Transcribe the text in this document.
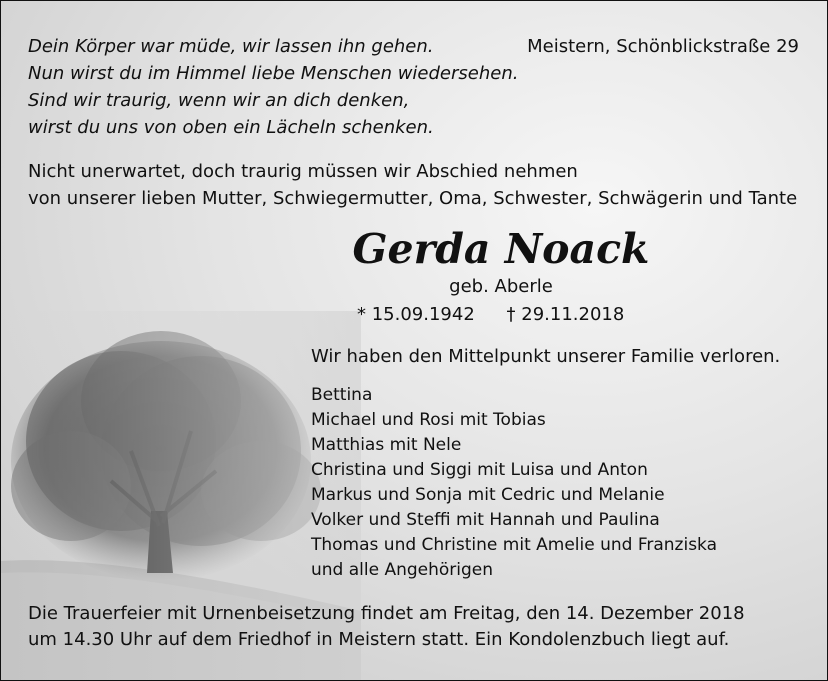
Dein Körper war müde, wir lassen ihn gehen.
Nun wirst du im Himmel liebe Menschen wiedersehen.
Sind wir traurig, wenn wir an dich denken,
wirst du uns von oben ein Lächeln schenken.
Meistern, Schönblickstraße 29
Nicht unerwartet, doch traurig müssen wir Abschied nehmen
von unserer lieben Mutter, Schwiegermutter, Oma, Schwester, Schwägerin und Tante
Gerda Noack
geb. Aberle
* 15.09.1942 † 29.11.2018
Wir haben den Mittelpunkt unserer Familie verloren.
Bettina
Michael und Rosi mit Tobias
Matthias mit Nele
Christina und Siggi mit Luisa und Anton
Markus und Sonja mit Cedric und Melanie
Volker und Steffi mit Hannah und Paulina
Thomas und Christine mit Amelie und Franziska
und alle Angehörigen
Die Trauerfeier mit Urnenbeisetzung findet am Freitag, den 14. Dezember 2018
um 14.30 Uhr auf dem Friedhof in Meistern statt. Ein Kondolenzbuch liegt auf.
